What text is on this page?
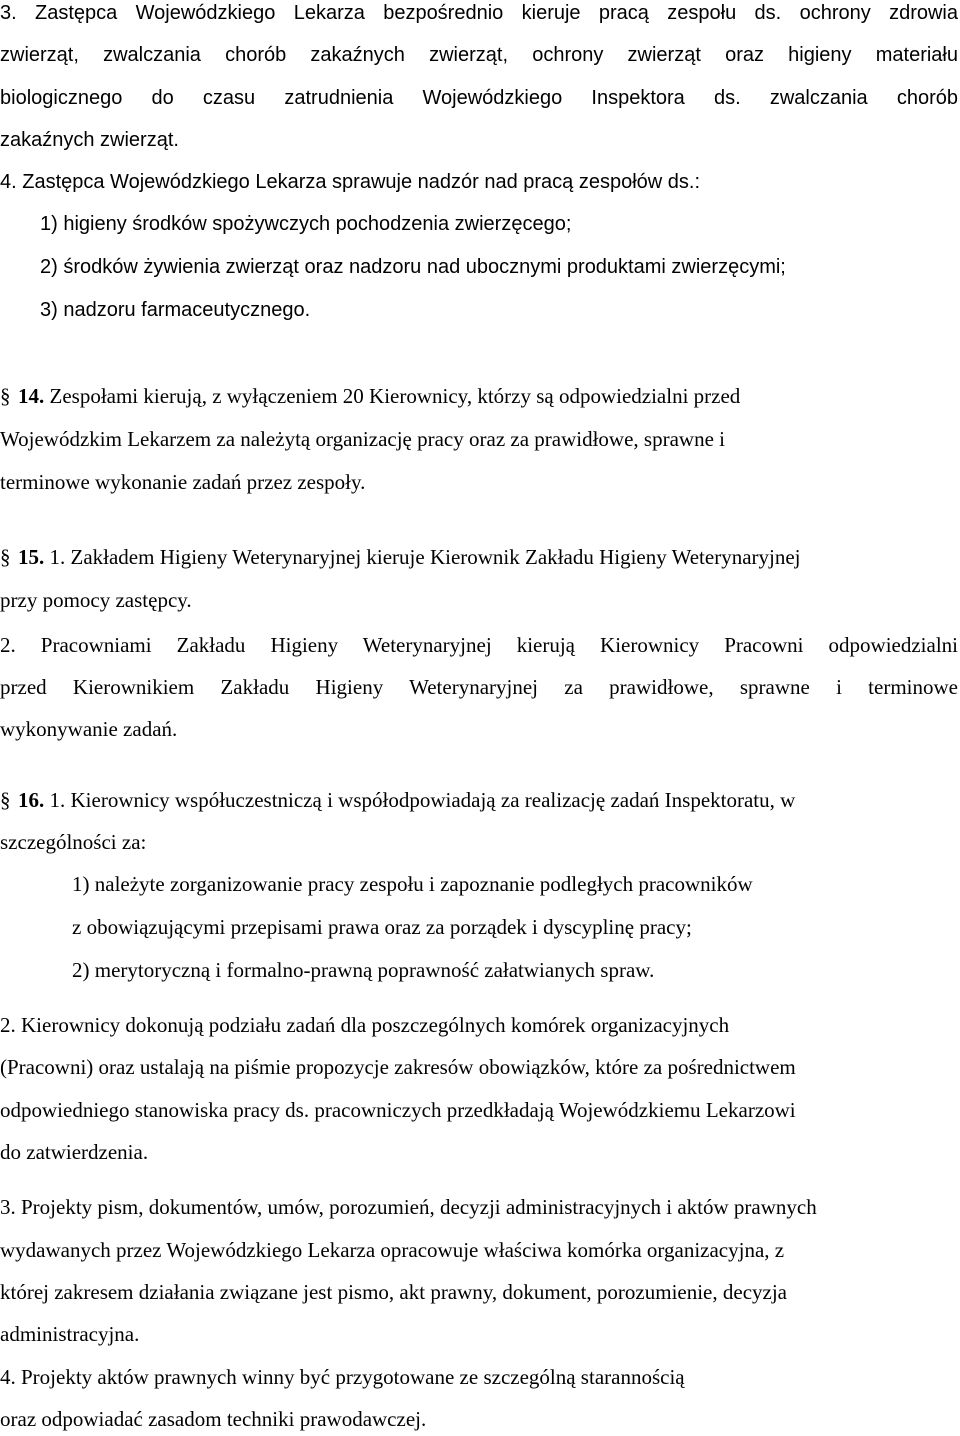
3. Zastępca Wojewódzkiego Lekarza bezpośrednio kieruje pracą zespołu ds. ochrony zdrowia
zwierząt, zwalczania chorób zakaźnych zwierząt, ochrony zwierząt oraz higieny materiału
biologicznego do czasu zatrudnienia Wojewódzkiego Inspektora ds. zwalczania chorób
zakaźnych zwierząt.
4. Zastępca Wojewódzkiego Lekarza sprawuje nadzór nad pracą zespołów ds.:
1) higieny środków spożywczych pochodzenia zwierzęcego;
2) środków żywienia zwierząt oraz nadzoru nad ubocznymi produktami zwierzęcymi;
3) nadzoru farmaceutycznego.
§ 14. Zespołami kierują, z wyłączeniem 20 Kierownicy, którzy są odpowiedzialni przed
Wojewódzkim Lekarzem za należytą organizację pracy oraz za prawidłowe, sprawne i
terminowe wykonanie zadań przez zespoły.
§ 15. 1. Zakładem Higieny Weterynaryjnej kieruje Kierownik Zakładu Higieny Weterynaryjnej
przy pomocy zastępcy.
2. Pracowniami Zakładu Higieny Weterynaryjnej kierują Kierownicy Pracowni odpowiedzialni
przed Kierownikiem Zakładu Higieny Weterynaryjnej za prawidłowe, sprawne i terminowe
wykonywanie zadań.
§ 16. 1. Kierownicy współuczestniczą i współodpowiadają za realizację zadań Inspektoratu, w
szczególności za:
1) należyte zorganizowanie pracy zespołu i zapoznanie podległych pracowników
z obowiązującymi przepisami prawa oraz za porządek i dyscyplinę pracy;
2) merytoryczną i formalno-prawną poprawność załatwianych spraw.
2. Kierownicy dokonują podziału zadań dla poszczególnych komórek organizacyjnych
(Pracowni) oraz ustalają na piśmie propozycje zakresów obowiązków, które za pośrednictwem
odpowiedniego stanowiska pracy ds. pracowniczych przedkładają Wojewódzkiemu Lekarzowi
do zatwierdzenia.
3. Projekty pism, dokumentów, umów, porozumień, decyzji administracyjnych i aktów prawnych
wydawanych przez Wojewódzkiego Lekarza opracowuje właściwa komórka organizacyjna, z
której zakresem działania związane jest pismo, akt prawny, dokument, porozumienie, decyzja
administracyjna.
4. Projekty aktów prawnych winny być przygotowane ze szczególną starannością
oraz odpowiadać zasadom techniki prawodawczej.
